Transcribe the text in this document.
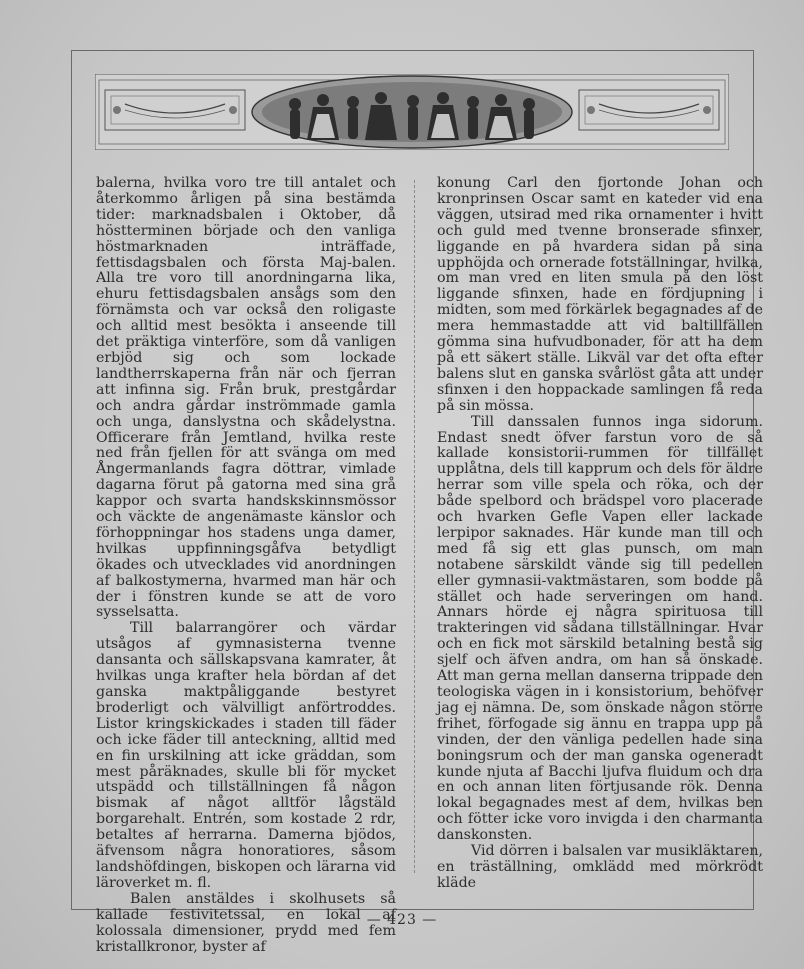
balerna, hvilka voro tre till antalet och återkommo årligen på sina bestämda tider: marknadsbalen i Oktober, då höstterminen började och den vanliga höstmarknaden inträffade, fettisdagsbalen och första Maj-balen. Alla tre voro till anordningarna lika, ehuru fettisdagsbalen ansågs som den förnämsta och var också den roligaste och alltid mest besökta i anseende till det präktiga vinterföre, som då vanligen erbjöd sig och som lockade landtherrskaperna från när och fjerran att infinna sig. Från bruk, prestgårdar och andra gårdar inströmmade gamla och unga, danslystna och skådelystna. Officerare från Jemtland, hvilka reste ned från fjellen för att svänga om med Ångermanlands fagra döttrar, vimlade dagarna förut på gatorna med sina grå kappor och svarta handskskinnsmössor och väckte de angenämaste känslor och förhoppningar hos stadens unga damer, hvilkas uppfinningsgåfva betydligt ökades och utvecklades vid anordningen af balkostymerna, hvarmed man här och der i fönstren kunde se att de voro sysselsatta.

Till balarrangörer och värdar utsågos af gymnasisterna tvenne dansanta och sällskapsvana kamrater, åt hvilkas unga krafter hela bördan af det ganska maktpåliggande bestyret broderligt och välvilligt anförtroddes. Listor kringskickades i staden till fäder och icke fäder till anteckning, alltid med en fin urskilning att icke gräddan, som mest påräknades, skulle bli för mycket utspädd och tillställningen få någon bismak af något alltför lågstäld borgarehalt. Entrén, som kostade 2 rdr, betaltes af herrarna. Damerna bjödos, äfvensom några honoratiores, såsom landshöfdingen, biskopen och lärarna vid läroverket m. fl.

Balen anstäldes i skolhusets så kallade festivitetssal, en lokal af kolossala dimensioner, prydd med fem kristallkronor, byster af

konung Carl den fjortonde Johan och kronprinsen Oscar samt en kateder vid ena väggen, utsirad med rika ornamenter i hvitt och guld med tvenne bronserade sfinxer, liggande en på hvardera sidan på sina upphöjda och ornerade fotställningar, hvilka, om man vred en liten smula på den löst liggande sfinxen, hade en fördjupning i midten, som med förkärlek begagnades af de mera hemmastadde att vid baltillfällen gömma sina hufvudbonader, för att ha dem på ett säkert ställe. Likväl var det ofta efter balens slut en ganska svårlöst gåta att under sfinxen i den hoppackade samlingen få reda på sin mössa.

Till danssalen funnos inga sidorum. Endast snedt öfver farstun voro de så kallade konsistorii-rummen för tillfället upplåtna, dels till kapprum och dels för äldre herrar som ville spela och röka, och der både spelbord och brädspel voro placerade och hvarken Gefle Vapen eller lackade lerpipor saknades. Här kunde man till och med få sig ett glas punsch, om man notabene särskildt vände sig till pedellen eller gymnasii-vaktmästaren, som bodde på stället och hade serveringen om hand. Annars hörde ej några spirituosa till trakteringen vid sådana tillställningar. Hvar och en fick mot särskild betalning bestå sig sjelf och äfven andra, om han så önskade. Att man gerna mellan danserna trippade den teologiska vägen in i konsistorium, behöfver jag ej nämna. De, som önskade någon större frihet, förfogade sig ännu en trappa upp på vinden, der den vänliga pedellen hade sina boningsrum och der man ganska ogeneradt kunde njuta af Bacchi ljufva fluidum och dra en och annan liten förtjusande rök. Denna lokal begagnades mest af dem, hvilkas ben och fötter icke voro invigda i den charmanta danskonsten.

Vid dörren i balsalen var musikläktaren, en träställning, omklädd med mörkrödt kläde

— 423 —
